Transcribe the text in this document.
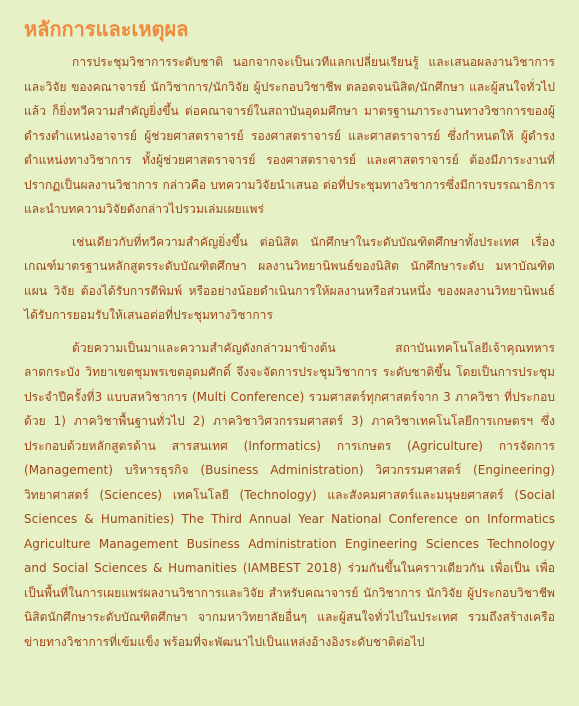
หลักการและเหตุผล

การประชุมวิชาการระดับชาติ นอกจากจะเป็นเวทีแลกเปลี่ยนเรียนรู้ และเสนอผลงานวิชาการและวิจัย ของคณาจารย์ นักวิชาการ/นักวิจัย ผู้ประกอบวิชาชีพ ตลอดจนนิสิต/นักศึกษา และผู้สนใจทั่วไปแล้ว ก็ยิ่งทวีความสำคัญยิ่งขึ้น ต่อคณาจารย์ในสถาบันอุดมศึกษา มาตรฐานภาระงานทางวิชาการของผู้ดำรงตำแหน่งอาจารย์ ผู้ช่วยศาสตราจารย์ รองศาสตราจารย์ และศาสตราจารย์ ซึ่งกำหนดให้ ผู้ดำรงตำแหน่งทางวิชาการ ทั้งผู้ช่วยศาสตราจารย์ รองศาสตราจารย์ และศาสตราจารย์ ต้องมีภาระงานที่ปรากฏเป็นผลงานวิชาการ กล่าวคือ บทความวิจัยนำเสนอ ต่อที่ประชุมทางวิชาการซึ่งมีการบรรณาธิการ และนำบทความวิจัยดังกล่าวไปรวมเล่มเผยแพร่

เช่นเดียวกับที่ทวีความสำคัญยิ่งขึ้น ต่อนิสิต นักศึกษาในระดับบัณฑิตศึกษาทั้งประเทศ เรื่องเกณฑ์มาตรฐานหลักสูตรระดับบัณฑิตศึกษา ผลงานวิทยานิพนธ์ของนิสิต นักศึกษาระดับ มหาบัณฑิต แผน วิจัย ต้องได้รับการตีพิมพ์ หรืออย่างน้อยดำเนินการให้ผลงานหรือส่วนหนึ่ง ของผลงานวิทยานิพนธ์ ได้รับการยอมรับให้เสนอต่อที่ประชุมทางวิชาการ

ด้วยความเป็นมาและความสำคัญดังกล่าวมาข้างต้น สถาบันเทคโนโลยีเจ้าคุณทหารลาดกระบัง วิทยาเขตชุมพรเขตอุดมศักดิ์ จึงจะจัดการประชุมวิชาการ ระดับชาติขึ้น โดยเป็นการประชุมประจำปีครั้งที่3 แบบสหวิชาการ (Multi Conference) รวมศาสตร์ทุกศาสตร์จาก 3 ภาควิชา ที่ประกอบด้วย 1) ภาควิชาพื้นฐานทั่วไป 2) ภาควิชาวิศวกรรมศาสตร์ 3) ภาควิชาเทคโนโลยีการเกษตรฯ ซึ่งประกอบด้วยหลักสูตรด้าน สารสนเทศ (Informatics) การเกษตร (Agriculture) การจัดการ (Management) บริหารธุรกิจ (Business Administration) วิศวกรรมศาสตร์ (Engineering) วิทยาศาสตร์ (Sciences) เทคโนโลยี (Technology) และสังคมศาสตร์และมนุษยศาสตร์ (Social Sciences & Humanities) The Third Annual Year National Conference on Informatics Agriculture Management Business Administration Engineering Sciences Technology and Social Sciences & Humanities (IAMBEST 2018) ร่วมกันขึ้นในคราวเดียวกัน เพื่อเป็น เพื่อเป็นพื้นที่ในการเผยแพร่ผลงานวิชาการและวิจัย สำหรับคณาจารย์ นักวิชาการ นักวิจัย ผู้ประกอบวิชาชีพ นิสิตนักศึกษาระดับบัณฑิตศึกษา จากมหาวิทยาลัยอื่นๆ และผู้สนใจทั่วไปในประเทศ รวมถึงสร้างเครือข่ายทางวิชาการที่เข้มแข็ง พร้อมที่จะพัฒนาไปเป็นแหล่งอ้างอิงระดับชาติต่อไป
